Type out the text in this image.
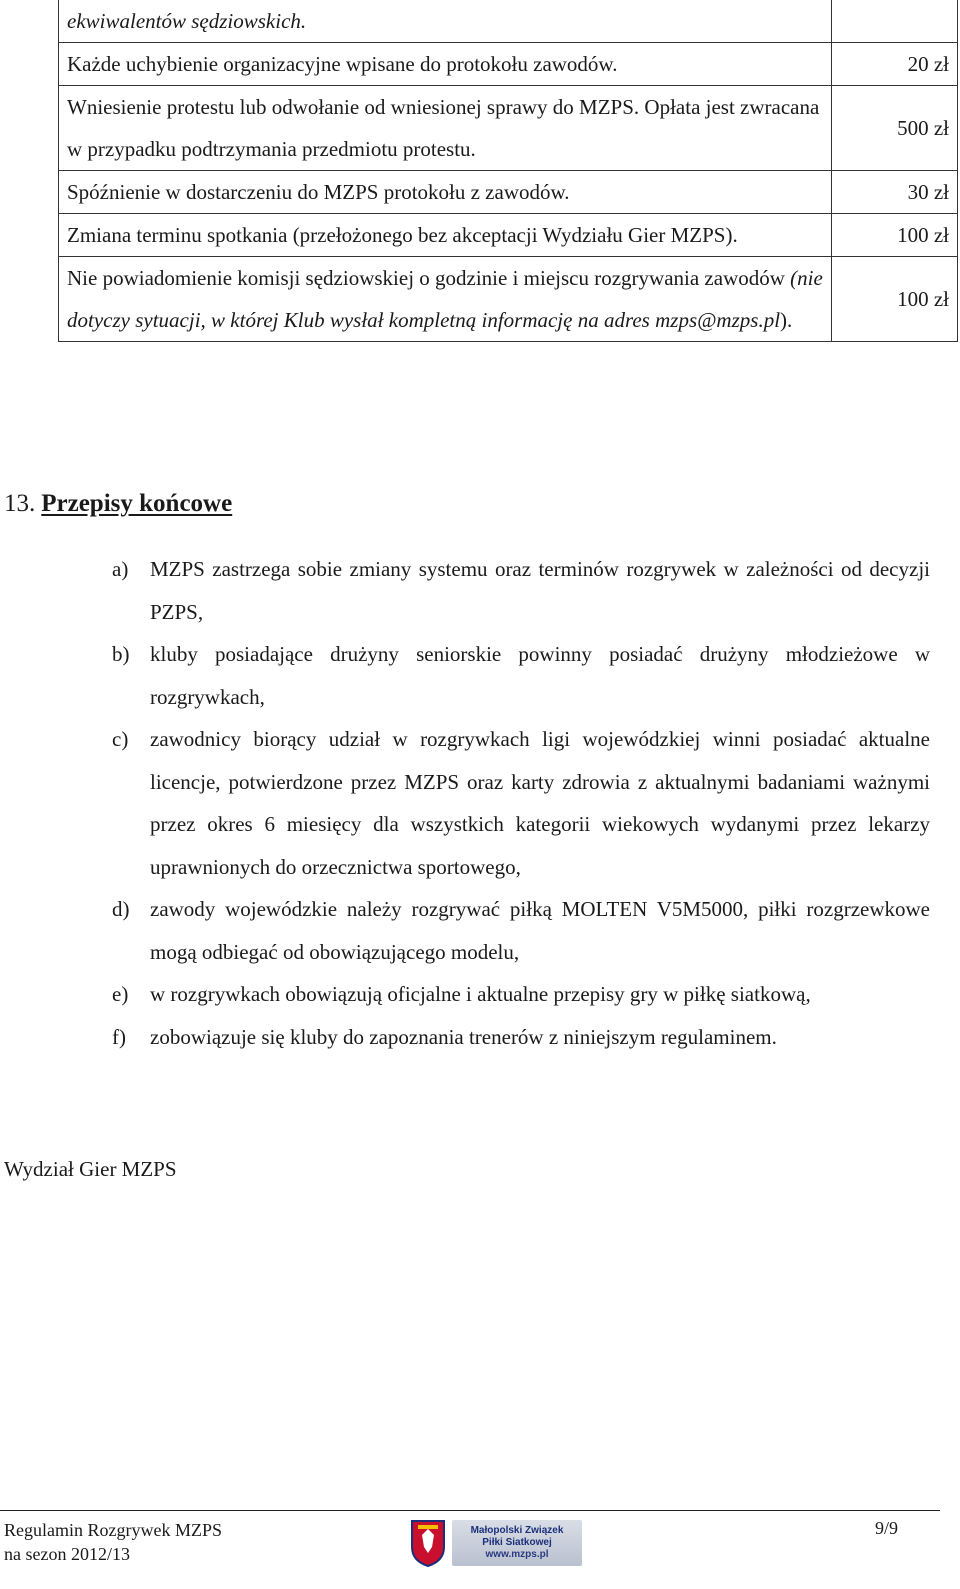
ekwiwalentów sędziowskich.	
Każde uchybienie organizacyjne wpisane do protokołu zawodów.	20 zł
Wniesienie protestu lub odwołanie od wniesionej sprawy do MZPS. Opłata jest zwracana w przypadku podtrzymania przedmiotu protestu.	500 zł
Spóźnienie w dostarczeniu do MZPS protokołu z zawodów.	30 zł
Zmiana terminu spotkania (przełożonego bez akceptacji Wydziału Gier MZPS).	100 zł
Nie powiadomienie komisji sędziowskiej o godzinie i miejscu rozgrywania zawodów (nie dotyczy sytuacji, w której Klub wysłał kompletną informację na adres mzps@mzps.pl).	100 zł
13. Przepisy końcowe
a)	MZPS zastrzega sobie zmiany systemu oraz terminów rozgrywek w zależności od decyzji PZPS,
b) kluby posiadające drużyny seniorskie powinny posiadać drużyny młodzieżowe w rozgrywkach,
c)	zawodnicy biorący udział w rozgrywkach ligi wojewódzkiej winni posiadać aktualne licencje, potwierdzone przez MZPS oraz karty zdrowia z aktualnymi badaniami ważnymi przez okres 6 miesięcy dla wszystkich kategorii wiekowych wydanymi przez lekarzy uprawnionych do orzecznictwa sportowego,
d) zawody wojewódzkie należy rozgrywać piłką MOLTEN V5M5000, piłki rozgrzewkowe mogą odbiegać od obowiązującego modelu,
e)	w rozgrywkach obowiązują oficjalne i aktualne przepisy gry w piłkę siatkową,
f)	zobowiązuje się kluby do zapoznania trenerów z niniejszym regulaminem.
Wydział Gier MZPS
Regulamin Rozgrywek MZPS
na sezon 2012/13
Małopolski Związek
Piłki Siatkowej
www.mzps.pl
9/9
